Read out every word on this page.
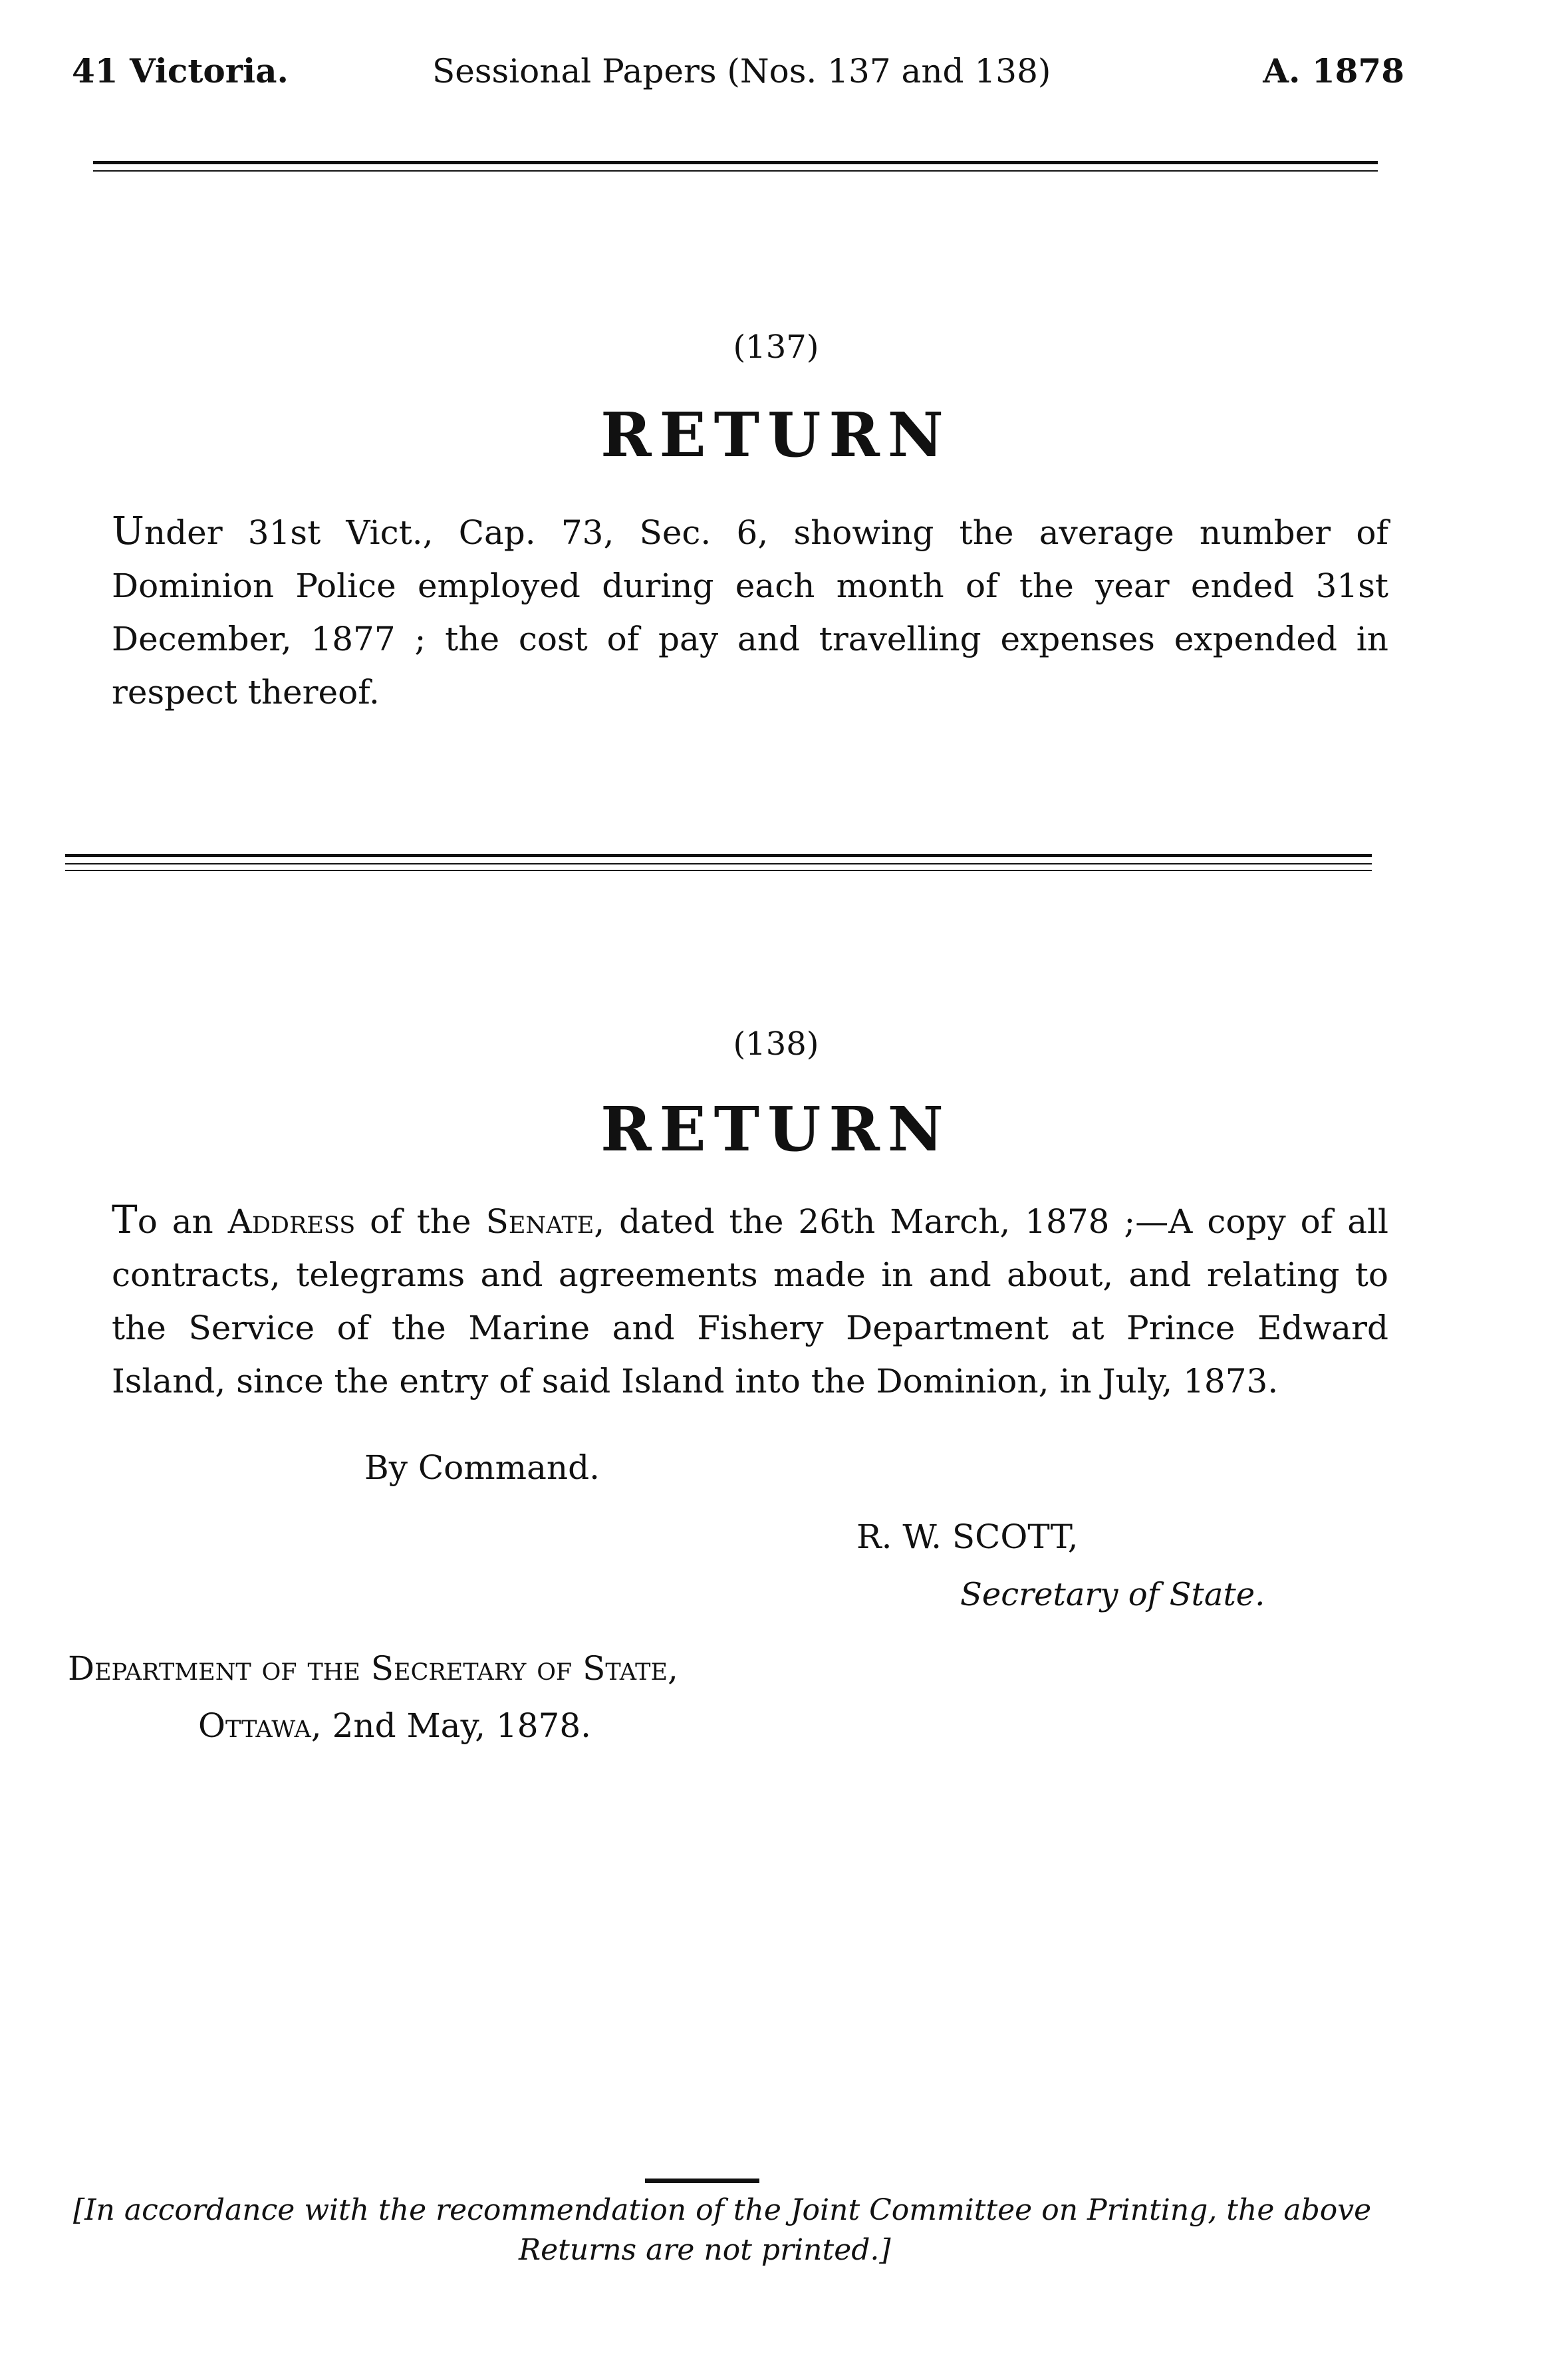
41 Victoria.	Sessional Papers (Nos. 137 and 138)	A. 1878
(137)
RETURN
Under 31st Vict., Cap. 73, Sec. 6, showing the average number of Dominion Police employed during each month of the year ended 31st December, 1877 ; the cost of pay and travelling expenses expended in respect thereof.
(138)
RETURN
To an Address of the Senate, dated the 26th March, 1878 ;—A copy of all contracts, telegrams and agreements made in and about, and relating to the Service of the Marine and Fishery Department at Prince Edward Island, since the entry of said Island into the Dominion, in July, 1873.
By Command.
R. W. SCOTT,
Secretary of State.
Department of the Secretary of State,
Ottawa, 2nd May, 1878.
[In accordance with the recommendation of the Joint Committee on Printing, the above
Returns are not printed.]
